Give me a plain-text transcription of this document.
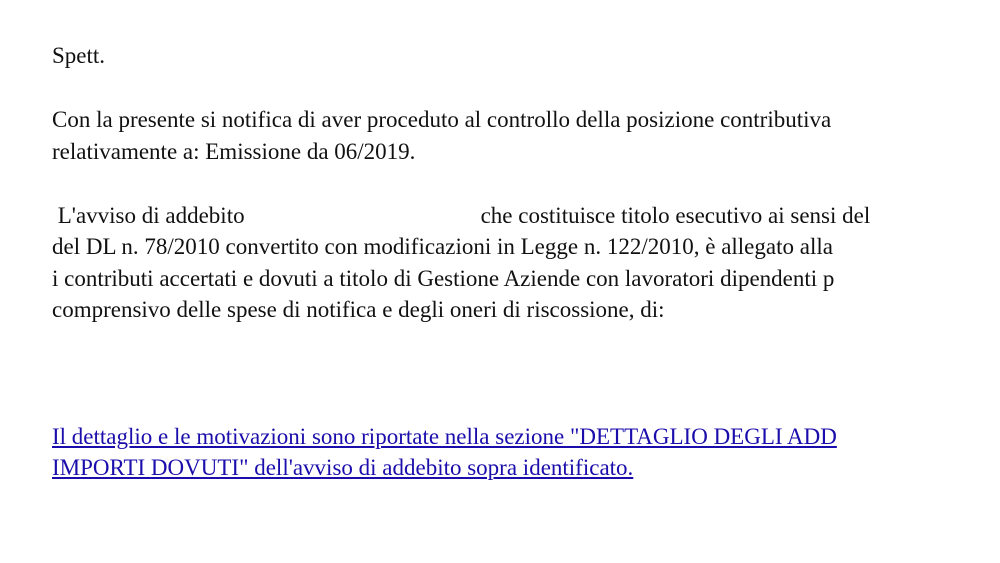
Spett.
Con la presente si notifica di aver proceduto al controllo della posizione contributiva
relativamente a: Emissione da 06/2019.
L'avviso di addebito	che costituisce titolo esecutivo ai sensi del
del DL n. 78/2010 convertito con modificazioni in Legge n. 122/2010, è allegato alla
i contributi accertati e dovuti a titolo di Gestione Aziende con lavoratori dipendenti p
comprensivo delle spese di notifica e degli oneri di riscossione, di:
Il dettaglio e le motivazioni sono riportate nella sezione "DETTAGLIO DEGLI ADD
IMPORTI DOVUTI" dell'avviso di addebito sopra identificato.
